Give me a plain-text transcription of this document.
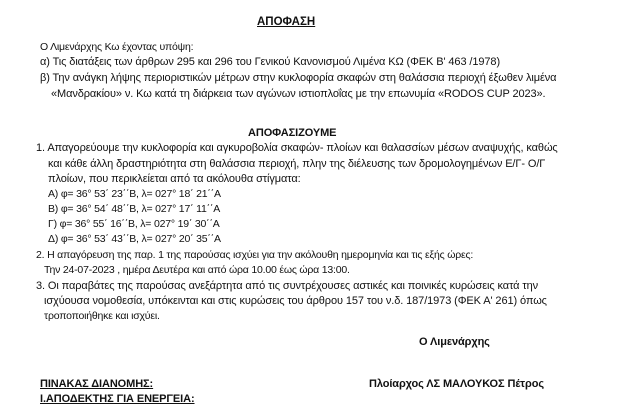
ΑΠΟΦΑΣΗ
Ο Λιμενάρχης Κω έχοντας υπόψη:
α) Τις διατάξεις των άρθρων 295 και 296 του Γενικού Κανονισμού Λιμένα ΚΩ (ΦΕΚ Β' 463 /1978)
β) Την ανάγκη λήψης περιοριστικών μέτρων στην κυκλοφορία σκαφών στη θαλάσσια περιοχή έξωθεν λιμένα
«Μανδρακίου» ν. Κω κατά τη διάρκεια των αγώνων ιστιοπλοΐας με την επωνυμία «RODOS CUP 2023».
ΑΠΟΦΑΣΙΖΟΥΜΕ
1. Απαγορεύουμε την κυκλοφορία και αγκυροβολία σκαφών- πλοίων και θαλασσίων μέσων αναψυχής, καθώς
και κάθε άλλη δραστηριότητα στη θαλάσσια περιοχή, πλην της διέλευσης των δρομολογημένων Ε/Γ- Ο/Γ
πλοίων, που περικλείεται από τα ακόλουθα στίγματα:
Α) φ= 36° 53΄ 23΄΄Β, λ= 027° 18΄ 21΄΄Α
Β) φ= 36° 54΄ 48΄΄Β, λ= 027° 17΄ 11΄΄Α
Γ) φ= 36° 55΄ 16΄΄Β, λ= 027° 19΄ 30΄΄Α
Δ) φ= 36° 53΄ 43΄΄Β, λ= 027° 20΄ 35΄΄Α
2. Η απαγόρευση της παρ. 1 της παρούσας ισχύει για την ακόλουθη ημερομηνία και τις εξής ώρες:
Την 24-07-2023 , ημέρα Δευτέρα και από ώρα 10.00 έως ώρα 13:00.
3. Οι παραβάτες της παρούσας ανεξάρτητα από τις συντρέχουσες αστικές και ποινικές κυρώσεις κατά την
ισχύουσα νομοθεσία, υπόκεινται και στις κυρώσεις του άρθρου 157 του ν.δ. 187/1973 (ΦΕΚ Α' 261) όπως
τροποποιήθηκε και ισχύει.
Ο Λιμενάρχης
Πλοίαρχος ΛΣ ΜΑΛΟΥΚΟΣ Πέτρος
ΠΙΝΑΚΑΣ ΔΙΑΝΟΜΗΣ:
Ι.ΑΠΟΔΕΚΤΗΣ ΓΙΑ ΕΝΕΡΓΕΙΑ:
